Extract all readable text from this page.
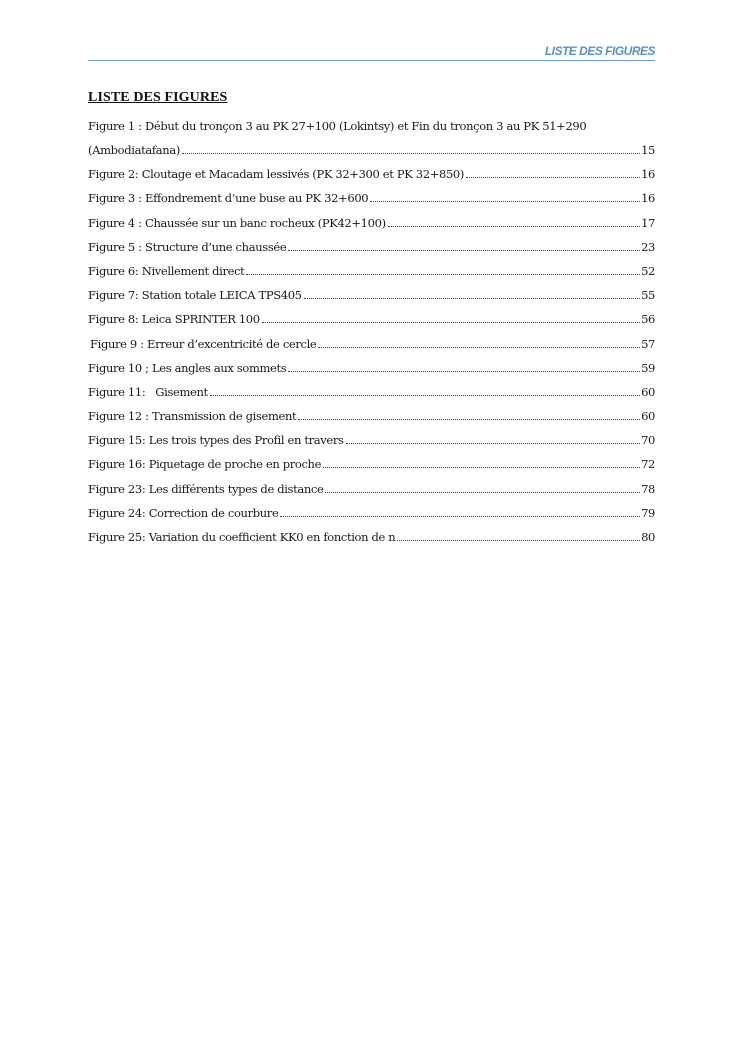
LISTE DES FIGURES
LISTE DES FIGURES
Figure 1 : Début du tronçon 3 au PK 27+100 (Lokintsy) et Fin du tronçon 3 au PK 51+290
(Ambodiatafana)	15
Figure 2: Cloutage et Macadam lessivés (PK 32+300 et PK 32+850)	16
Figure 3 : Effondrement d’une buse au PK 32+600	16
Figure 4 : Chaussée sur un banc rocheux (PK42+100)	17
Figure 5 : Structure d’une chaussée	23
Figure 6: Nivellement direct	52
Figure 7: Station totale LEICA TPS405	55
Figure 8: Leica SPRINTER 100	56
Figure 9 : Erreur d’excentricité de cercle	57
Figure 10 ; Les angles aux sommets	59
Figure 11:   Gisement	60
Figure 12 : Transmission de gisement	60
Figure 15: Les trois types des Profil en travers	70
Figure 16: Piquetage de proche en proche	72
Figure 23: Les différents types de distance	78
Figure 24: Correction de courbure	79
Figure 25: Variation du coefficient KK0 en fonction de n	80
